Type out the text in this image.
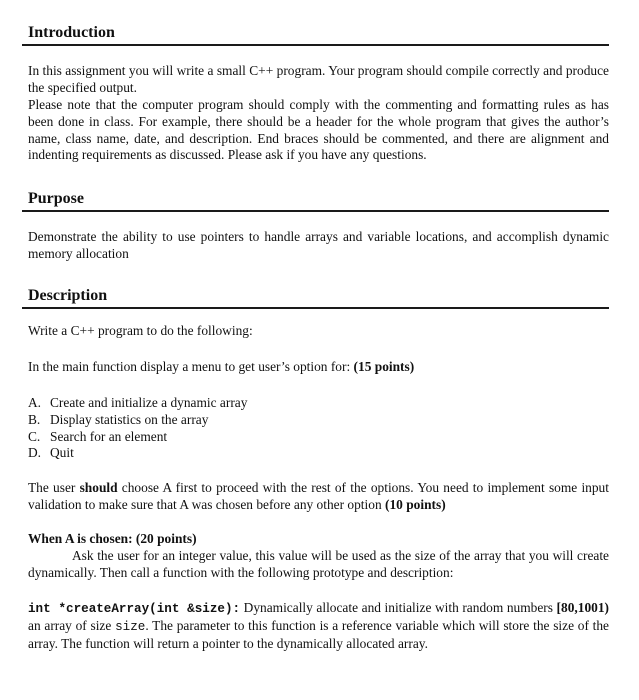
Introduction

In this assignment you will write a small C++ program. Your program should compile correctly and produce the specified output.

Please note that the computer program should comply with the commenting and formatting rules as has been done in class. For example, there should be a header for the whole program that gives the author’s name, class name, date, and description. End braces should be commented, and there are alignment and indenting requirements as discussed. Please ask if you have any questions.

Purpose

Demonstrate the ability to use pointers to handle arrays and variable locations, and accomplish dynamic memory allocation

Description

Write a C++ program to do the following:

In the main function display a menu to get user’s option for: (15 points)

A. Create and initialize a dynamic array
B. Display statistics on the array
C. Search for an element
D. Quit

The user should choose A first to proceed with the rest of the options. You need to implement some input validation to make sure that A was chosen before any other option (10 points)

When A is chosen: (20 points)

Ask the user for an integer value, this value will be used as the size of the array that you will create dynamically. Then call a function with the following prototype and description:

int *createArray(int &size): Dynamically allocate and initialize with random numbers [80,1001) an array of size size. The parameter to this function is a reference variable which will store the size of the array. The function will return a pointer to the dynamically allocated array.
